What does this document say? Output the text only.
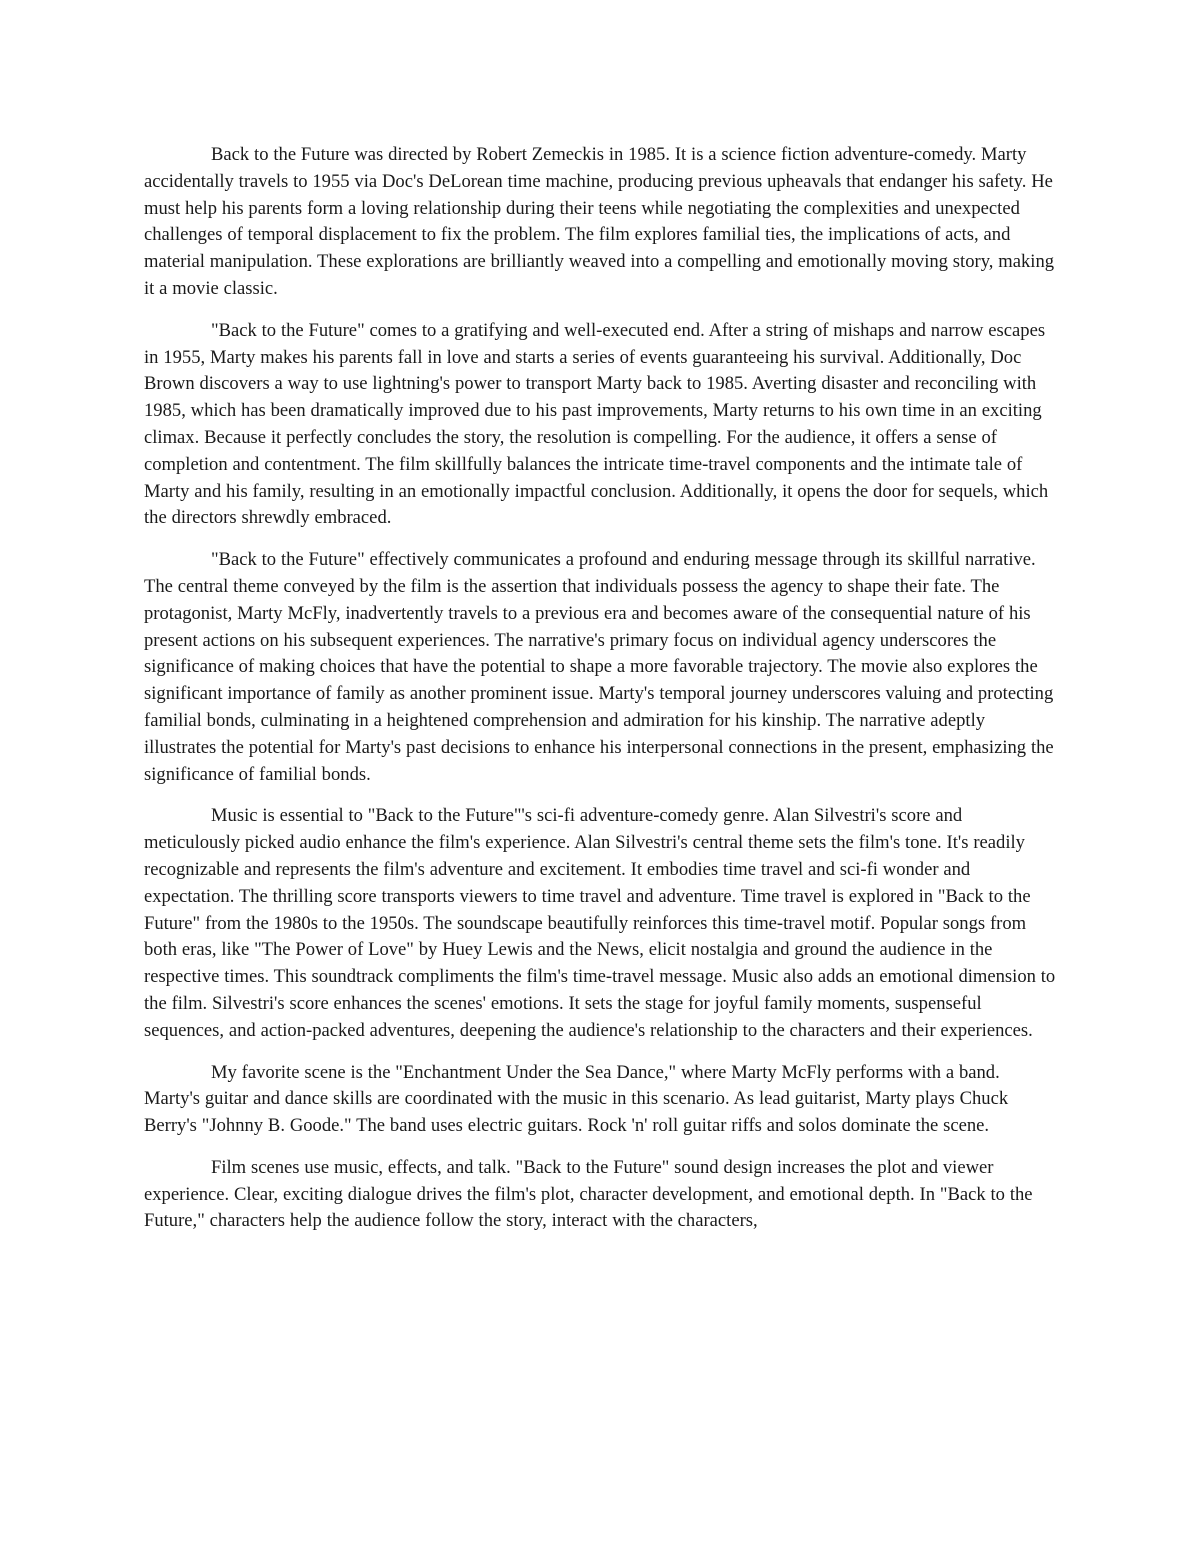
Back to the Future was directed by Robert Zemeckis in 1985. It is a science fiction adventure-comedy. Marty accidentally travels to 1955 via Doc's DeLorean time machine, producing previous upheavals that endanger his safety. He must help his parents form a loving relationship during their teens while negotiating the complexities and unexpected challenges of temporal displacement to fix the problem. The film explores familial ties, the implications of acts, and material manipulation. These explorations are brilliantly weaved into a compelling and emotionally moving story, making it a movie classic.

"Back to the Future" comes to a gratifying and well-executed end. After a string of mishaps and narrow escapes in 1955, Marty makes his parents fall in love and starts a series of events guaranteeing his survival. Additionally, Doc Brown discovers a way to use lightning's power to transport Marty back to 1985. Averting disaster and reconciling with 1985, which has been dramatically improved due to his past improvements, Marty returns to his own time in an exciting climax. Because it perfectly concludes the story, the resolution is compelling. For the audience, it offers a sense of completion and contentment. The film skillfully balances the intricate time-travel components and the intimate tale of Marty and his family, resulting in an emotionally impactful conclusion. Additionally, it opens the door for sequels, which the directors shrewdly embraced.

"Back to the Future" effectively communicates a profound and enduring message through its skillful narrative. The central theme conveyed by the film is the assertion that individuals possess the agency to shape their fate. The protagonist, Marty McFly, inadvertently travels to a previous era and becomes aware of the consequential nature of his present actions on his subsequent experiences. The narrative's primary focus on individual agency underscores the significance of making choices that have the potential to shape a more favorable trajectory. The movie also explores the significant importance of family as another prominent issue. Marty's temporal journey underscores valuing and protecting familial bonds, culminating in a heightened comprehension and admiration for his kinship. The narrative adeptly illustrates the potential for Marty's past decisions to enhance his interpersonal connections in the present, emphasizing the significance of familial bonds.

Music is essential to "Back to the Future"'s sci-fi adventure-comedy genre. Alan Silvestri's score and meticulously picked audio enhance the film's experience. Alan Silvestri's central theme sets the film's tone. It's readily recognizable and represents the film's adventure and excitement. It embodies time travel and sci-fi wonder and expectation. The thrilling score transports viewers to time travel and adventure. Time travel is explored in "Back to the Future" from the 1980s to the 1950s. The soundscape beautifully reinforces this time-travel motif. Popular songs from both eras, like "The Power of Love" by Huey Lewis and the News, elicit nostalgia and ground the audience in the respective times. This soundtrack compliments the film's time-travel message. Music also adds an emotional dimension to the film. Silvestri's score enhances the scenes' emotions. It sets the stage for joyful family moments, suspenseful sequences, and action-packed adventures, deepening the audience's relationship to the characters and their experiences.

My favorite scene is the "Enchantment Under the Sea Dance," where Marty McFly performs with a band. Marty's guitar and dance skills are coordinated with the music in this scenario. As lead guitarist, Marty plays Chuck Berry's "Johnny B. Goode." The band uses electric guitars. Rock 'n' roll guitar riffs and solos dominate the scene.

Film scenes use music, effects, and talk. "Back to the Future" sound design increases the plot and viewer experience. Clear, exciting dialogue drives the film's plot, character development, and emotional depth. In "Back to the Future," characters help the audience follow the story, interact with the characters,
